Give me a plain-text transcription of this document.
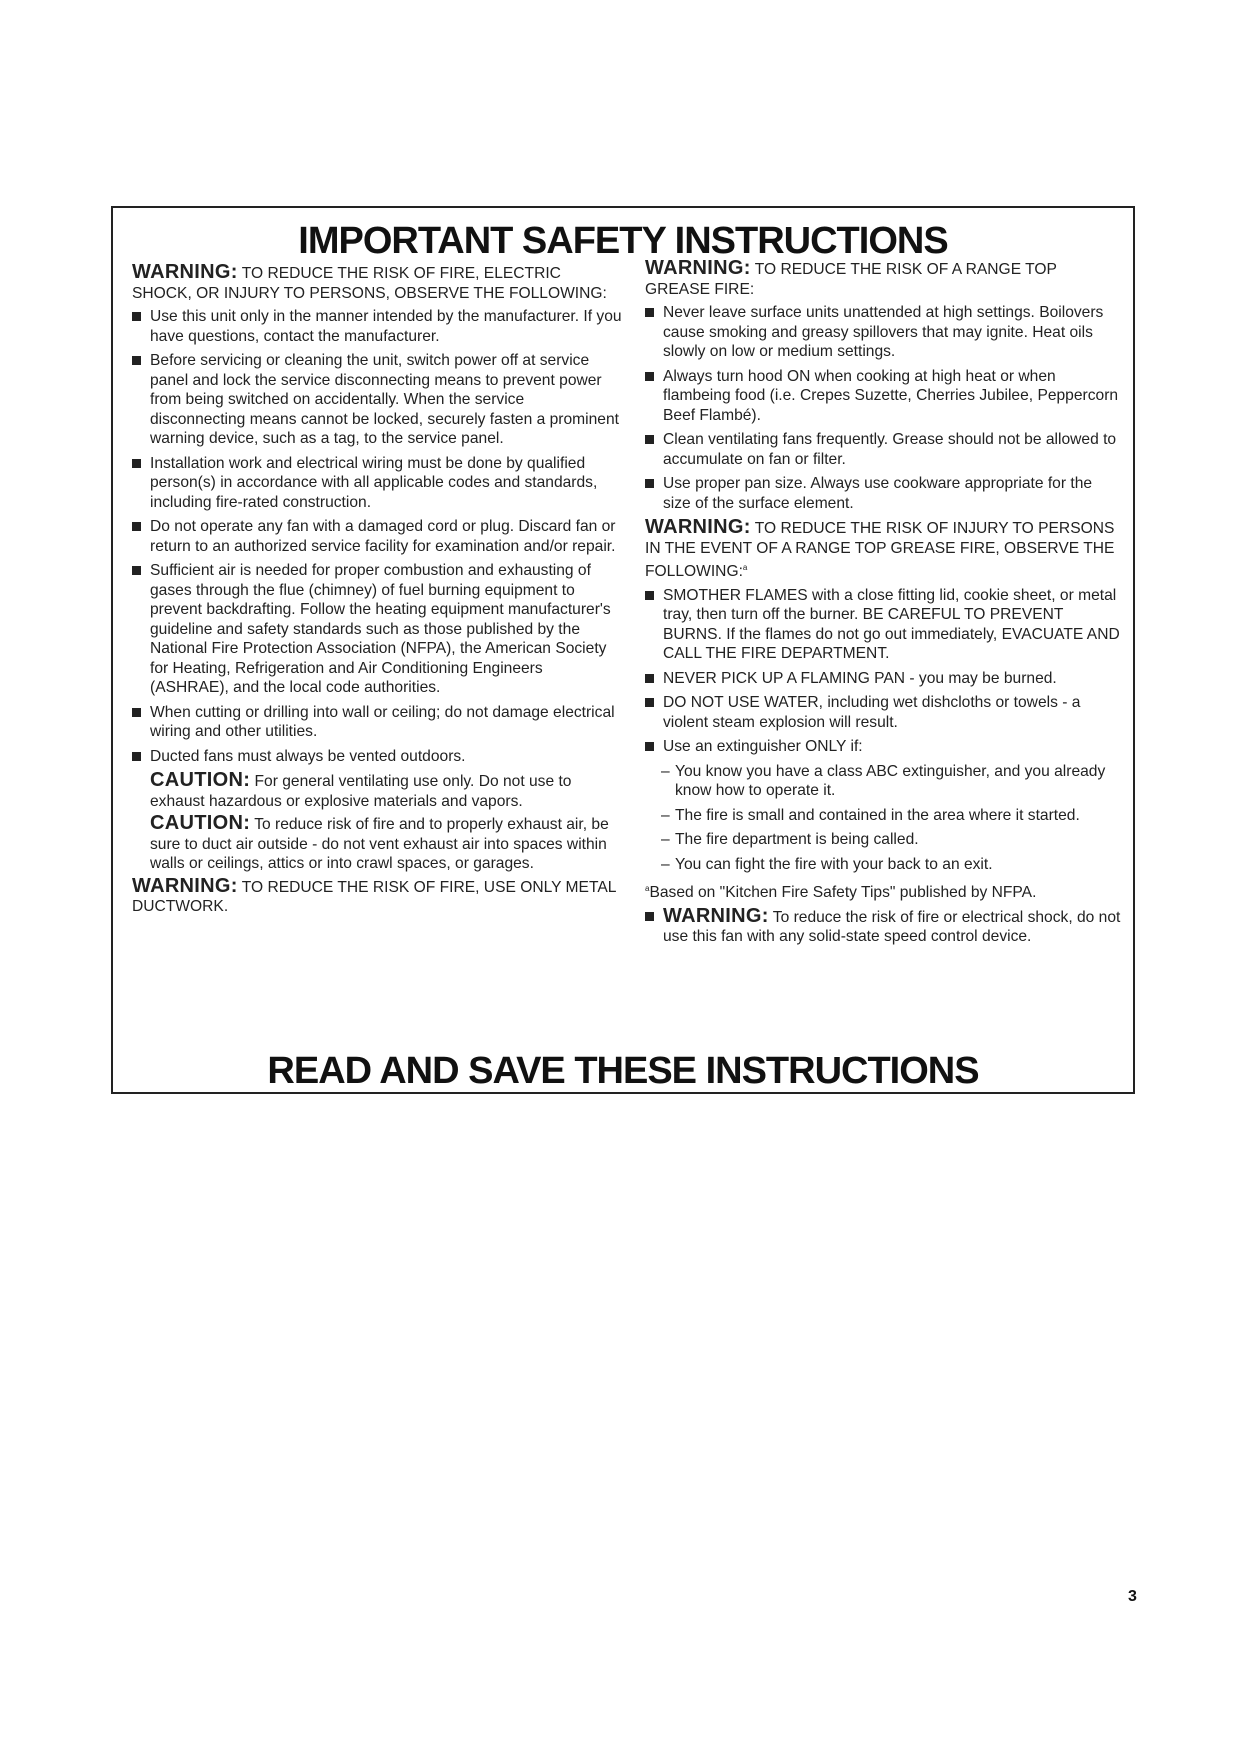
IMPORTANT SAFETY INSTRUCTIONS

WARNING: TO REDUCE THE RISK OF FIRE, ELECTRIC SHOCK, OR INJURY TO PERSONS, OBSERVE THE FOLLOWING:

Use this unit only in the manner intended by the manufacturer. If you have questions, contact the manufacturer.
Before servicing or cleaning the unit, switch power off at service panel and lock the service disconnecting means to prevent power from being switched on accidentally. When the service disconnecting means cannot be locked, securely fasten a prominent warning device, such as a tag, to the service panel.
Installation work and electrical wiring must be done by qualified person(s) in accordance with all applicable codes and standards, including fire-rated construction.
Do not operate any fan with a damaged cord or plug. Discard fan or return to an authorized service facility for examination and/or repair.
Sufficient air is needed for proper combustion and exhausting of gases through the flue (chimney) of fuel burning equipment to prevent backdrafting. Follow the heating equipment manufacturer's guideline and safety standards such as those published by the National Fire Protection Association (NFPA), the American Society for Heating, Refrigeration and Air Conditioning Engineers (ASHRAE), and the local code authorities.
When cutting or drilling into wall or ceiling; do not damage electrical wiring and other utilities.
Ducted fans must always be vented outdoors.

CAUTION: For general ventilating use only. Do not use to exhaust hazardous or explosive materials and vapors.

CAUTION: To reduce risk of fire and to properly exhaust air, be sure to duct air outside - do not vent exhaust air into spaces within walls or ceilings, attics or into crawl spaces, or garages.

WARNING: TO REDUCE THE RISK OF FIRE, USE ONLY METAL DUCTWORK.

WARNING: TO REDUCE THE RISK OF A RANGE TOP GREASE FIRE:

Never leave surface units unattended at high settings. Boilovers cause smoking and greasy spillovers that may ignite. Heat oils slowly on low or medium settings.
Always turn hood ON when cooking at high heat or when flambeing food (i.e. Crepes Suzette, Cherries Jubilee, Peppercorn Beef Flambé).
Clean ventilating fans frequently. Grease should not be allowed to accumulate on fan or filter.
Use proper pan size. Always use cookware appropriate for the size of the surface element.

WARNING: TO REDUCE THE RISK OF INJURY TO PERSONS IN THE EVENT OF A RANGE TOP GREASE FIRE, OBSERVE THE FOLLOWING:$^a$

SMOTHER FLAMES with a close fitting lid, cookie sheet, or metal tray, then turn off the burner. BE CAREFUL TO PREVENT BURNS. If the flames do not go out immediately, EVACUATE AND CALL THE FIRE DEPARTMENT.
NEVER PICK UP A FLAMING PAN - you may be burned.
DO NOT USE WATER, including wet dishcloths or towels - a violent steam explosion will result.
Use an extinguisher ONLY if:
– You know you have a class ABC extinguisher, and you already know how to operate it.
– The fire is small and contained in the area where it started.
– The fire department is being called.
– You can fight the fire with your back to an exit.

$^a$Based on "Kitchen Fire Safety Tips" published by NFPA.

WARNING: To reduce the risk of fire or electrical shock, do not use this fan with any solid-state speed control device.
READ AND SAVE THESE INSTRUCTIONS
3
